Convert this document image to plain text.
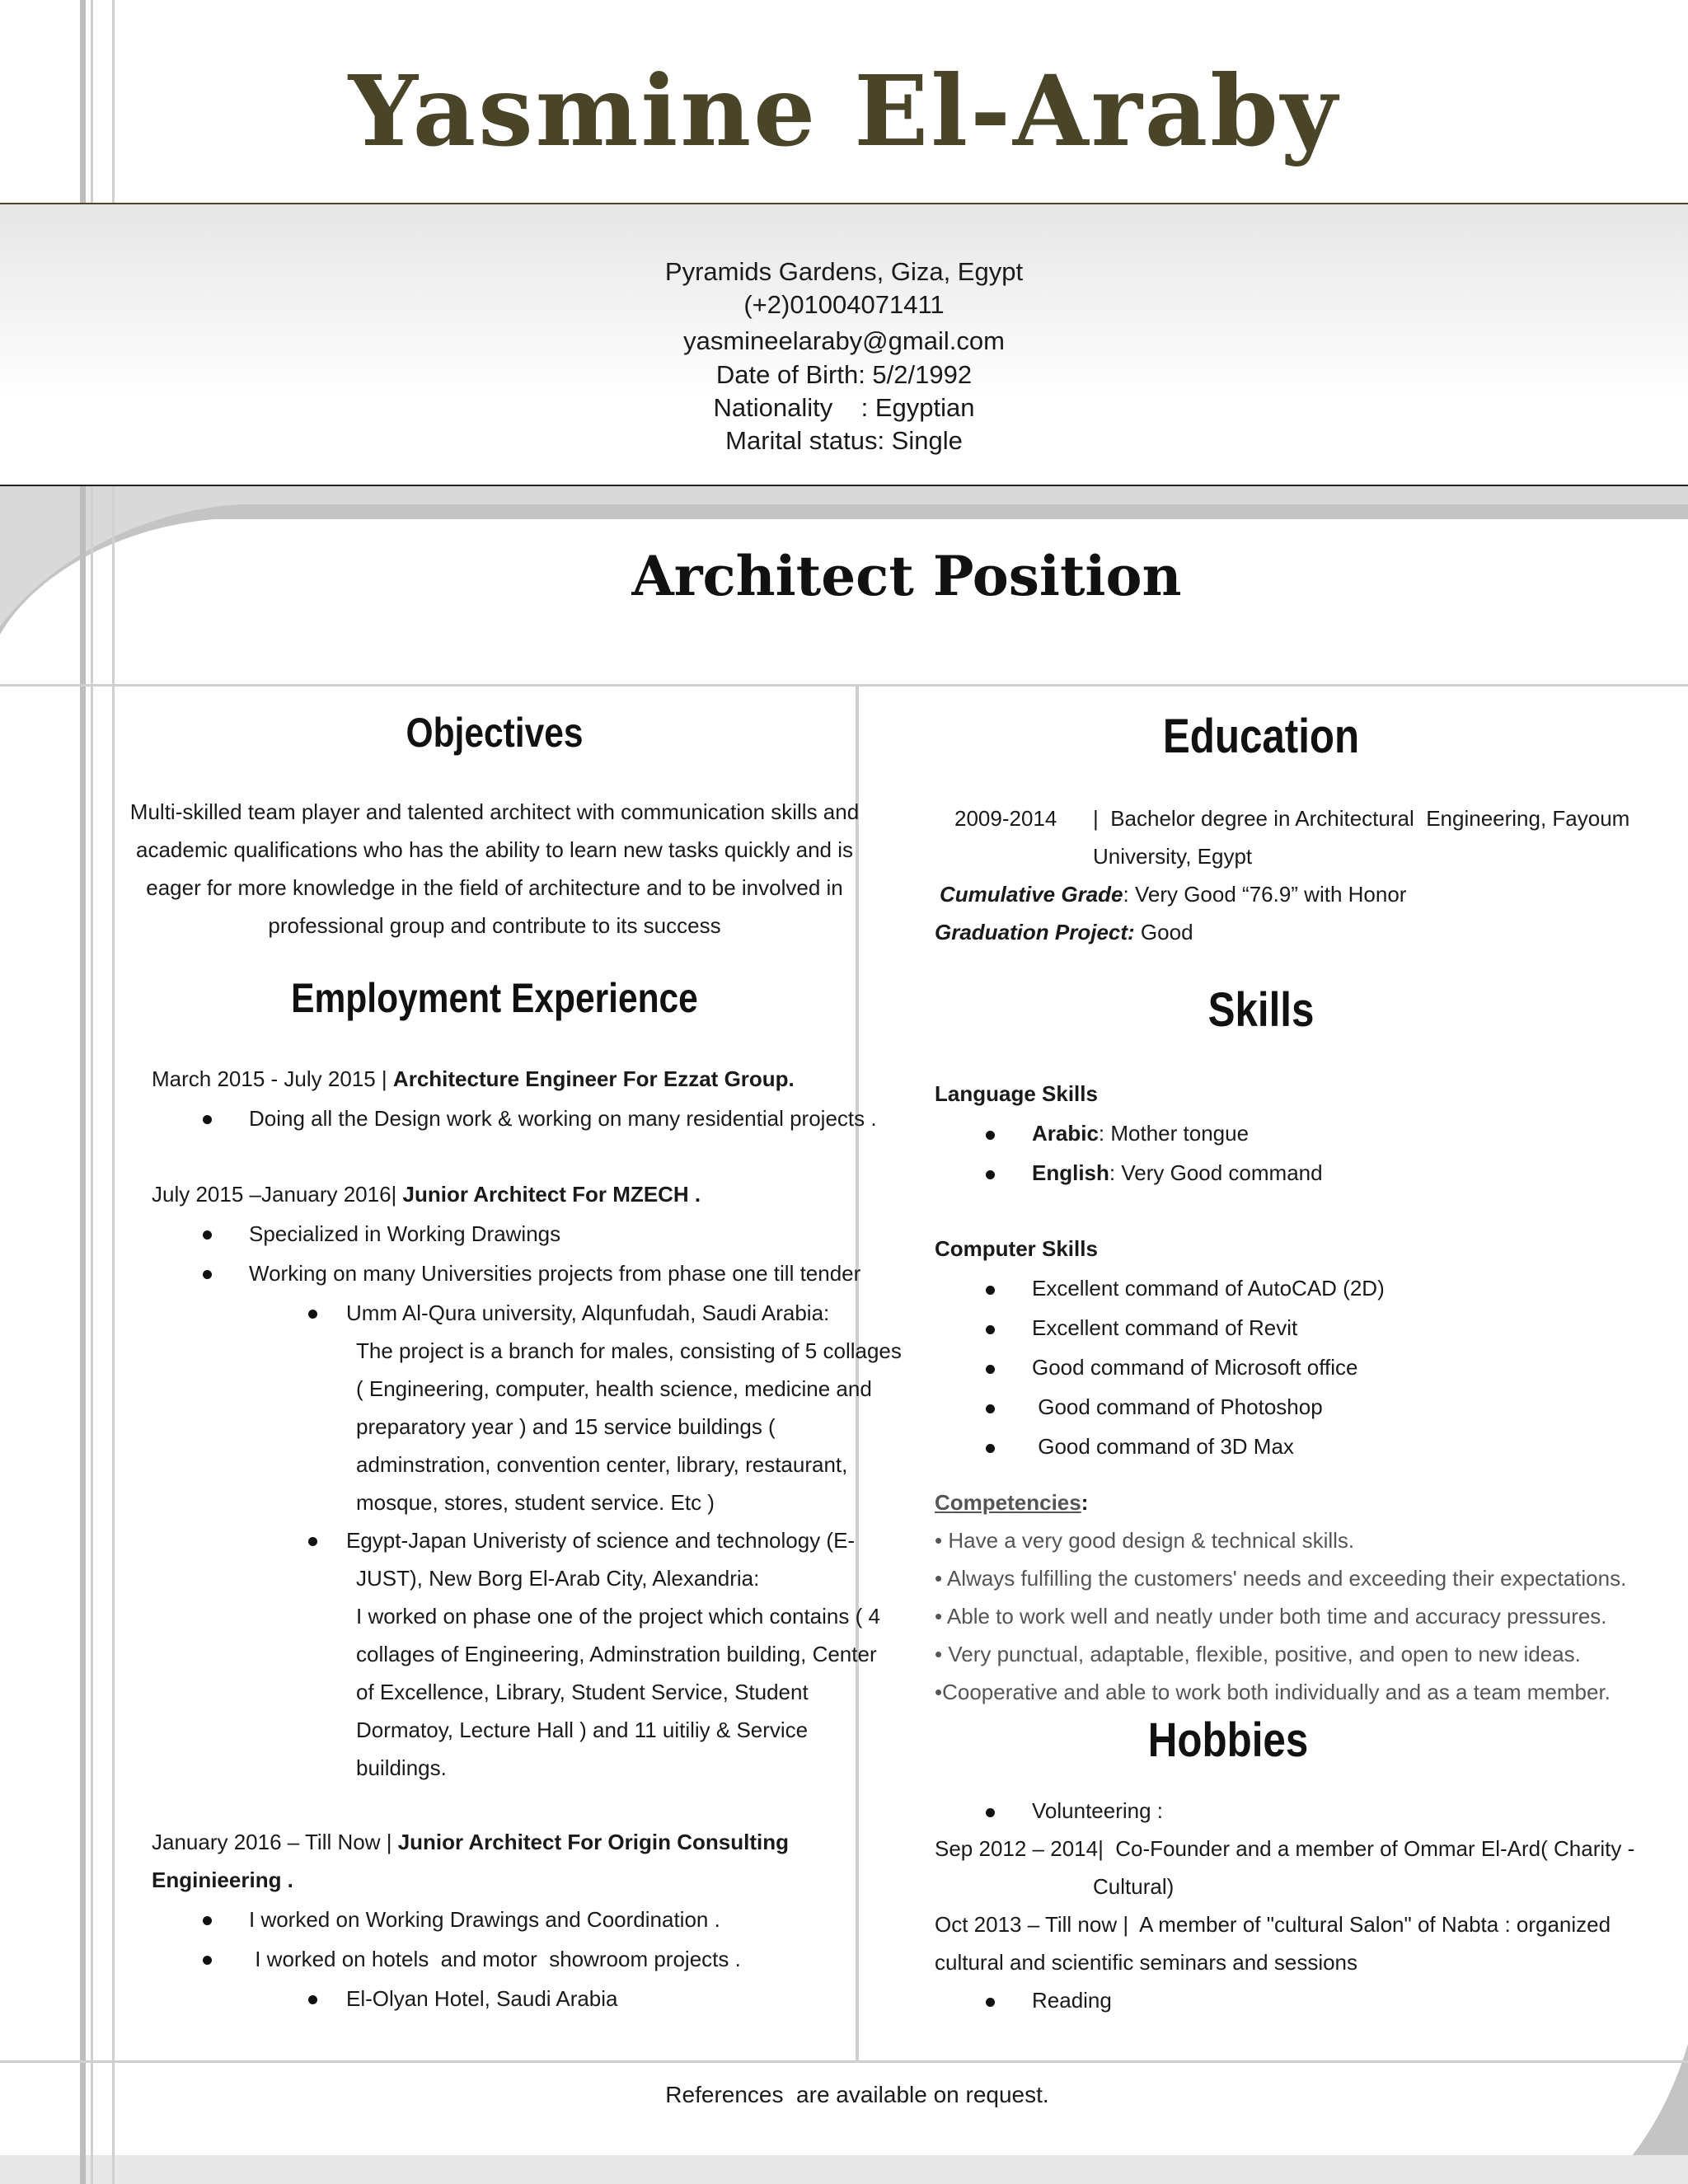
Yasmine El-Araby
Pyramids Gardens, Giza, Egypt
(+2)01004071411
yasmineelaraby@gmail.com
Date of Birth: 5/2/1992
Nationality    : Egyptian
Marital status: Single
Architect Position
Objectives
Multi-skilled team player and talented architect with communication skills and
academic qualifications who has the ability to learn new tasks quickly and is
eager for more knowledge in the field of architecture and to be involved in
professional group and contribute to its success
Employment Experience
March 2015 - July 2015 | Architecture Engineer For Ezzat Group.
Doing all the Design work & working on many residential projects .
July 2015 –January 2016| Junior Architect For MZECH .
Specialized in Working Drawings
Working on many Universities projects from phase one till tender
Umm Al-Qura university, Alqunfudah, Saudi Arabia:
The project is a branch for males, consisting of 5 collages
( Engineering, computer, health science, medicine and
preparatory year ) and 15 service buildings (
adminstration, convention center, library, restaurant,
mosque, stores, student service. Etc )
Egypt-Japan Univeristy of science and technology (E-
JUST), New Borg El-Arab City, Alexandria:
I worked on phase one of the project which contains ( 4
collages of Engineering, Adminstration building, Center
of Excellence, Library, Student Service, Student
Dormatoy, Lecture Hall ) and 11 uitiliy & Service
buildings.
January 2016 – Till Now | Junior Architect For Origin Consulting
Enginieering .
I worked on Working Drawings and Coordination .
I worked on hotels  and motor  showroom projects .
El-Olyan Hotel, Saudi Arabia
Education
2009-2014 |  Bachelor degree in Architectural  Engineering, Fayoum
University, Egypt
Cumulative Grade: Very Good “76.9” with Honor
Graduation Project: Good
Skills
Language Skills
Arabic: Mother tongue
English: Very Good command
Computer Skills
Excellent command of AutoCAD (2D)
Excellent command of Revit
Good command of Microsoft office
Good command of Photoshop
Good command of 3D Max
Competencies:
• Have a very good design & technical skills.
• Always fulfilling the customers' needs and exceeding their expectations.
• Able to work well and neatly under both time and accuracy pressures.
• Very punctual, adaptable, flexible, positive, and open to new ideas.
•Cooperative and able to work both individually and as a team member.
Hobbies
Volunteering :
Sep 2012 – 2014|  Co-Founder and a member of Ommar El-Ard( Charity -
Cultural)
Oct 2013 – Till now |  A member of "cultural Salon" of Nabta : organized
cultural and scientific seminars and sessions
Reading
References  are available on request.
